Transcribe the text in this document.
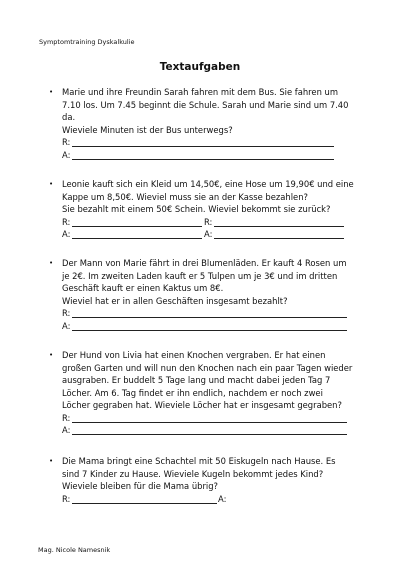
Symptomtraining Dyskalkulie
Textaufgaben
• Marie und ihre Freundin Sarah fahren mit dem Bus. Sie fahren um

7.10 los. Um 7.45 beginnt die Schule. Sarah und Marie sind um 7.40

da.

Wieviele Minuten ist der Bus unterwegs?

R:
A:
• Leonie kauft sich ein Kleid um 14,50€, eine Hose um 19,90€ und eine

Kappe um 8,50€. Wieviel muss sie an der Kasse bezahlen?

Sie bezahlt mit einem 50€ Schein. Wieviel bekommt sie zurück?

R:	R:
A:	A:
• Der Mann von Marie fährt in drei Blumenläden. Er kauft 4 Rosen um

je 2€. Im zweiten Laden kauft er 5 Tulpen um je 3€ und im dritten

Geschäft kauft er einen Kaktus um 8€.

Wieviel hat er in allen Geschäften insgesamt bezahlt?

R:
A:
• Der Hund von Livia hat einen Knochen vergraben. Er hat einen

großen Garten und will nun den Knochen nach ein paar Tagen wieder

ausgraben. Er buddelt 5 Tage lang und macht dabei jeden Tag 7

Löcher. Am 6. Tag findet er ihn endlich, nachdem er noch zwei

Löcher gegraben hat. Wieviele Löcher hat er insgesamt gegraben?

R:
A:
• Die Mama bringt eine Schachtel mit 50 Eiskugeln nach Hause. Es

sind 7 Kinder zu Hause. Wieviele Kugeln bekommt jedes Kind?

Wieviele bleiben für die Mama übrig?

R:	A:
Mag. Nicole Namesnik
